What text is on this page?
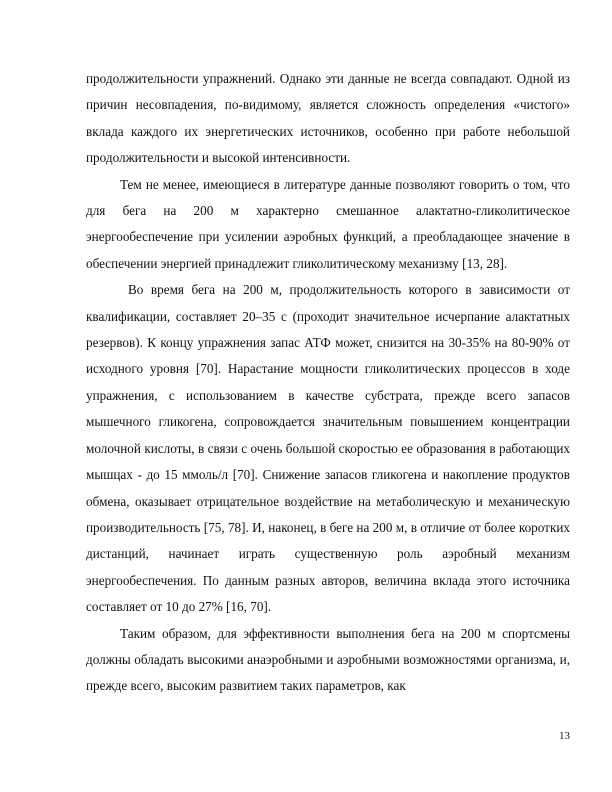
продолжительности упражнений. Однако эти данные не всегда совпадают. Одной из причин несовпадения, по-видимому, является сложность определения «чистого» вклада каждого их энергетических источников, особенно при работе небольшой продолжительности и высокой интенсивности.

Тем не менее, имеющиеся в литературе данные позволяют говорить о том, что для бега на 200 м характерно смешанное алактатно-гликолитическое энергообеспечение при усилении аэробных функций, а преобладающее значение в обеспечении энергией принадлежит гликолитическому механизму [13, 28].

Во время бега на 200 м, продолжительность которого в зависимости от квалификации, составляет 20–35 с (проходит значительное исчерпание алактатных резервов). К концу упражнения запас АТФ может, снизится на 30-35% на 80-90% от исходного уровня [70]. Нарастание мощности гликолитических процессов в ходе упражнения, с использованием в качестве субстрата, прежде всего запасов мышечного гликогена, сопровождается значительным повышением концентрации молочной кислоты, в связи с очень большой скоростью ее образования в работающих мышцах - до 15 ммоль/л [70]. Снижение запасов гликогена и накопление продуктов обмена, оказывает отрицательное воздействие на метаболическую и механическую производительность [75, 78]. И, наконец, в беге на 200 м, в отличие от более коротких дистанций, начинает играть существенную роль аэробный механизм энергообеспечения. По данным разных авторов, величина вклада этого источника составляет от 10 до 27% [16, 70].

Таким образом, для эффективности выполнения бега на 200 м спортсмены должны обладать высокими анаэробными и аэробными возможностями организма, и, прежде всего, высоким развитием таких параметров, как

13
